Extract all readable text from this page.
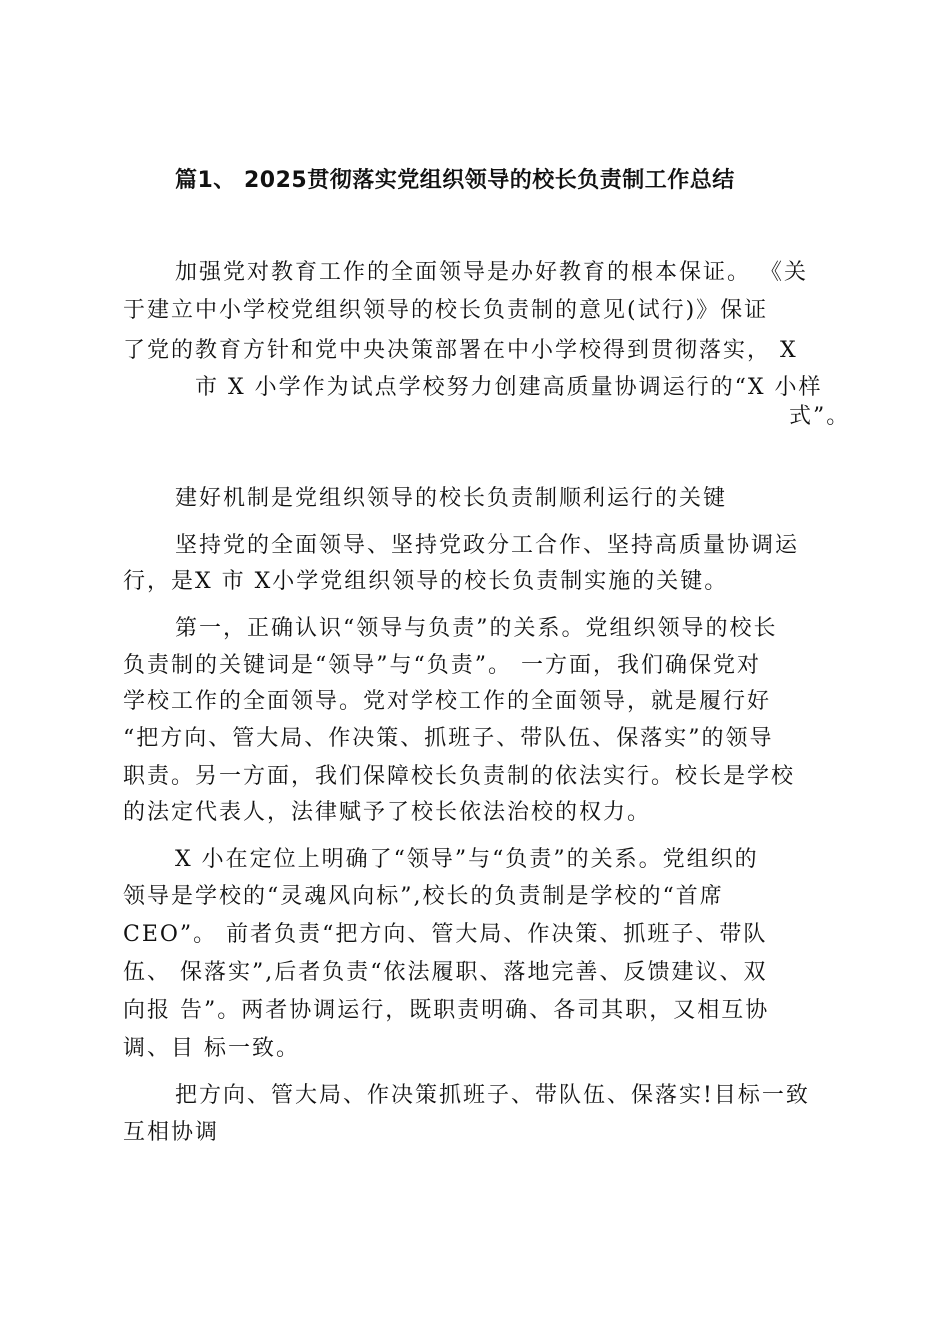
篇1、 2025贯彻落实党组织领导的校长负责制工作总结
加强党对教育工作的全面领导是办好教育的根本保证。 《关
于建立中小学校党组织领导的校长负责制的意见(试行)》保证
了党的教育方针和党中央决策部署在中小学校得到贯彻落实， X
市 X 小学作为试点学校努力创建高质量协调运行的“X 小样
式”。
建好机制是党组织领导的校长负责制顺利运行的关键
坚持党的全面领导、坚持党政分工合作、坚持高质量协调运
行，是X 市 X小学党组织领导的校长负责制实施的关键。
第一，正确认识“领导与负责”的关系。党组织领导的校长
负责制的关键词是“领导”与“负责”。 一方面，我们确保党对
学校工作的全面领导。党对学校工作的全面领导，就是履行好
“把方向、管大局、作决策、抓班子、带队伍、保落实”的领导
职责。另一方面，我们保障校长负责制的依法实行。校长是学校
的法定代表人，法律赋予了校长依法治校的权力。
X 小在定位上明确了“领导”与“负责”的关系。党组织的
领导是学校的“灵魂风向标”,校长的负责制是学校的“首席
CEO”。 前者负责“把方向、管大局、作决策、抓班子、带队
伍、 保落实”,后者负责“依法履职、落地完善、反馈建议、双
向报 告”。两者协调运行，既职责明确、各司其职，又相互协
调、目 标一致。
把方向、管大局、作决策抓班子、带队伍、保落实!目标一致
互相协调
